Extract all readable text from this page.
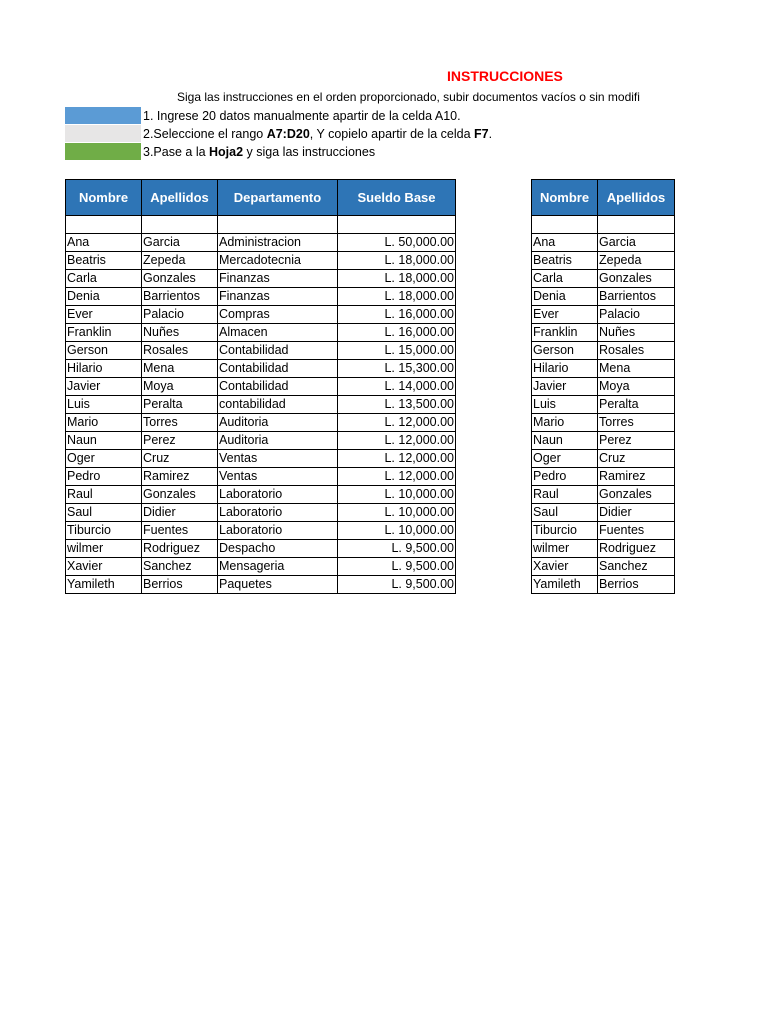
INSTRUCCIONES
Siga las instrucciones en el orden proporcionado, subir documentos vacíos o sin modifi
1. Ingrese 20 datos manualmente apartir de la celda A10.
2.Seleccione el rango A7:D20, Y copielo apartir de la celda F7.
3.Pase a la Hoja2 y siga las instrucciones
Nombre	Apellidos	Departamento	Sueldo Base

Ana	Garcia	Administracion	L. 50,000.00
Beatris	Zepeda	Mercadotecnia	L. 18,000.00
Carla	Gonzales	Finanzas	L. 18,000.00
Denia	Barrientos	Finanzas	L. 18,000.00
Ever	Palacio	Compras	L. 16,000.00
Franklin	Nuñes	Almacen	L. 16,000.00
Gerson	Rosales	Contabilidad	L. 15,000.00
Hilario	Mena	Contabilidad	L. 15,300.00
Javier	Moya	Contabilidad	L. 14,000.00
Luis	Peralta	contabilidad	L. 13,500.00
Mario	Torres	Auditoria	L. 12,000.00
Naun	Perez	Auditoria	L. 12,000.00
Oger	Cruz	Ventas	L. 12,000.00
Pedro	Ramirez	Ventas	L. 12,000.00
Raul	Gonzales	Laboratorio	L. 10,000.00
Saul	Didier	Laboratorio	L. 10,000.00
Tiburcio	Fuentes	Laboratorio	L. 10,000.00
wilmer	Rodriguez	Despacho	L. 9,500.00
Xavier	Sanchez	Mensageria	L. 9,500.00
Yamileth	Berrios	Paquetes	L. 9,500.00
Nombre	Apellidos

Ana	Garcia
Beatris	Zepeda
Carla	Gonzales
Denia	Barrientos
Ever	Palacio
Franklin	Nuñes
Gerson	Rosales
Hilario	Mena
Javier	Moya
Luis	Peralta
Mario	Torres
Naun	Perez
Oger	Cruz
Pedro	Ramirez
Raul	Gonzales
Saul	Didier
Tiburcio	Fuentes
wilmer	Rodriguez
Xavier	Sanchez
Yamileth	Berrios
